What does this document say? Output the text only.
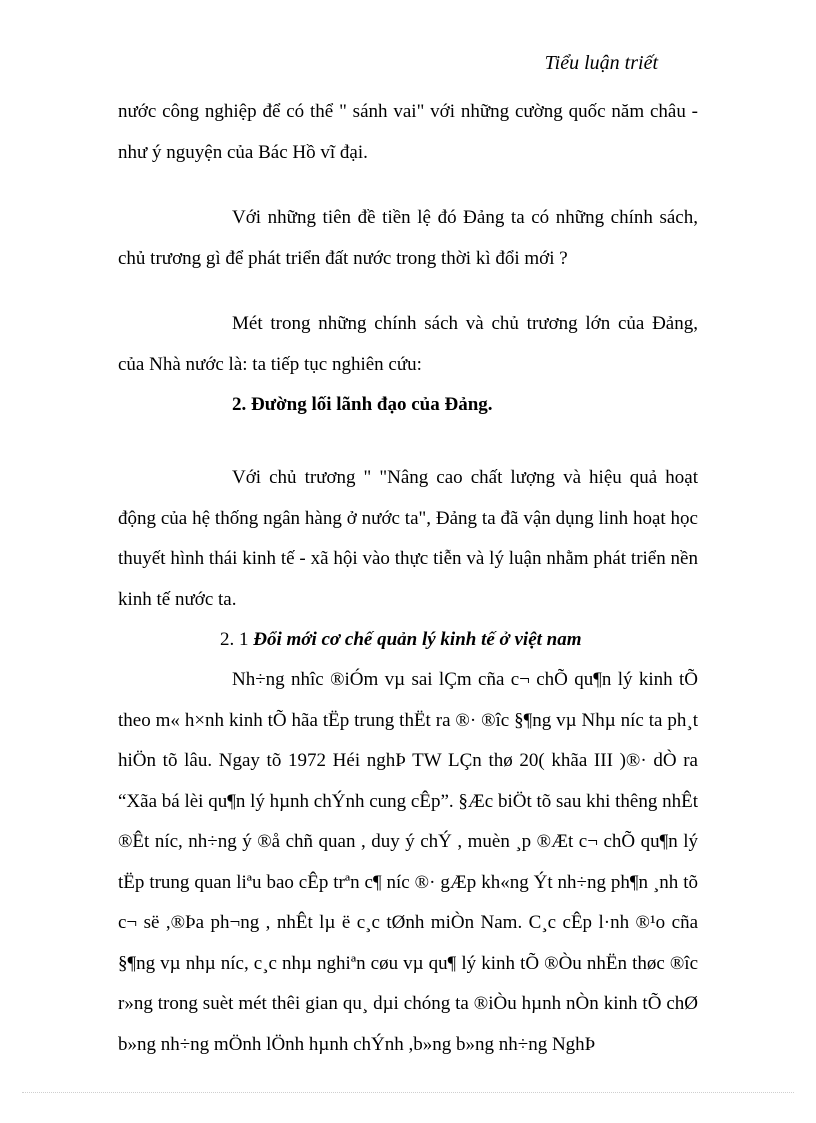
Tiểu luận triết

nước công nghiệp để có thể " sánh vai" với những cường quốc năm châu - như ý nguyện của Bác Hồ vĩ đại.

Với những tiên đề tiền lệ đó Đảng ta có những chính sách, chủ trương gì để phát triển đất nước trong thời kì đổi mới ?

Mét trong những chính sách và chủ trương lớn của Đảng, của Nhà nước là: ta tiếp tục nghiên cứu:

2. Đường lối lãnh đạo của Đảng.

Với chủ trương " "Nâng cao chất lượng và hiệu quả hoạt động của hệ thống ngân hàng ở nước ta", Đảng ta đã vận dụng linh hoạt học thuyết hình thái kinh tế - xã hội vào thực tiễn và lý luận nhằm phát triển nền kinh tế nước ta.

2. 1 Đổi mới cơ chế quản lý kinh tế ở việt nam

Nh÷ng nhîc ®iÓm vµ sai lÇm cña c¬ chÕ qu¶n lý kinh tÕ theo m« h×nh kinh tÕ hãa tËp trung thËt ra ®· ®îc §¶ng vµ Nhµ níc ta ph¸t hiÖn tõ lâu. Ngay tõ 1972 Héi nghÞ TW LÇn thø 20( khãa III )®· dÒ ra “Xãa bá lèi qu¶n lý hµnh chÝnh cung cÊp”. §Æc biÖt tõ sau khi thêng nhÊt ®Êt níc, nh÷ng ý ®å chñ quan , duy ý chÝ , muèn ¸p ®Æt c¬ chÕ qu¶n lý tËp trung quan liªu bao cÊp trªn c¶ níc ®· gÆp kh«ng Ýt nh÷ng ph¶n ¸nh tõ c¬ së ,®Þa ph¬ng , nhÊt lµ ë c¸c tØnh miÒn Nam. C¸c cÊp l·nh ®¹o cña §¶ng vµ nhµ níc, c¸c nhµ nghiªn cøu vµ qu¶ lý kinh tÕ ®Òu nhËn thøc ®îc r»ng trong suèt mét thêi gian qu¸ dµi chóng ta ®iÒu hµnh nÒn kinh tÕ chØ b»ng nh÷ng mÖnh lÖnh hµnh chÝnh ,b»ng b»ng nh÷ng NghÞ
